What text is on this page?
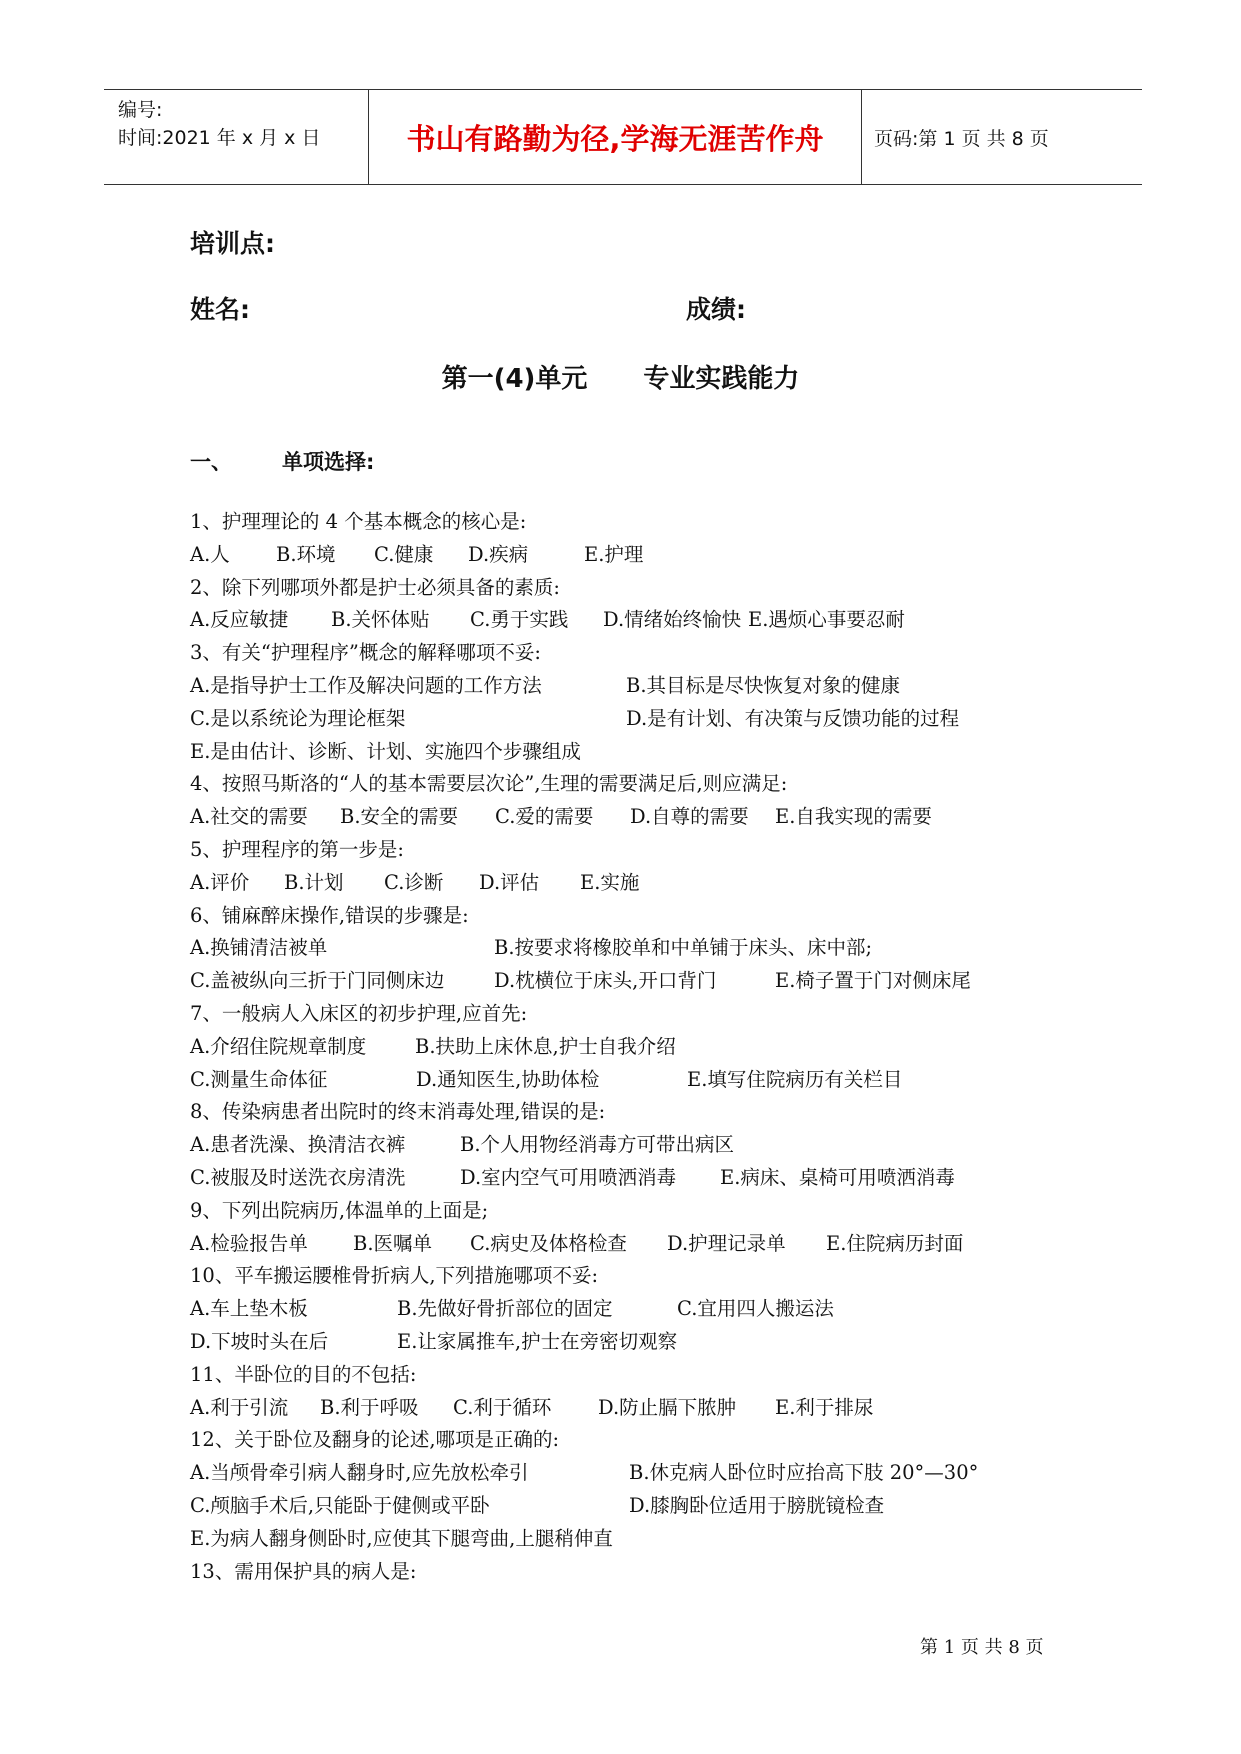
编号:
时间:2021 年 x 月 x 日	书山有路勤为径,学海无涯苦作舟	页码:第 1 页 共 8 页
培训点:
姓名:	成绩:
第一(4)单元 专业实践能力
一、 单项选择:
1、护理理论的 4 个基本概念的核心是:
A.人 B.环境 C.健康 D.疾病	E.护理
2、除下列哪项外都是护士必须具备的素质:
A.反应敏捷 B.关怀体贴 C.勇于实践 D.情绪始终愉快 E.遇烦心事要忍耐
3、有关“护理程序”概念的解释哪项不妥:
A.是指导护士工作及解决问题的工作方法	B.其目标是尽快恢复对象的健康
C.是以系统论为理论框架	D.是有计划、有决策与反馈功能的过程
E.是由估计、诊断、计划、实施四个步骤组成
4、按照马斯洛的“人的基本需要层次论”,生理的需要满足后,则应满足:
A.社交的需要 B.安全的需要 C.爱的需要 D.自尊的需要 E.自我实现的需要
5、护理程序的第一步是:
A.评价 B.计划 C.诊断 D.评估 E.实施
6、铺麻醉床操作,错误的步骤是:
A.换铺清洁被单	B.按要求将橡胶单和中单铺于床头、床中部;
C.盖被纵向三折于门同侧床边	D.枕横位于床头,开口背门	E.椅子置于门对侧床尾
7、一般病人入床区的初步护理,应首先:
A.介绍住院规章制度 B.扶助上床休息,护士自我介绍
C.测量生命体征	D.通知医生,协助体检	E.填写住院病历有关栏目
8、传染病患者出院时的终末消毒处理,错误的是:
A.患者洗澡、换清洁衣裤	B.个人用物经消毒方可带出病区
C.被服及时送洗衣房清洗	D.室内空气可用喷洒消毒 E.病床、桌椅可用喷洒消毒
9、下列出院病历,体温单的上面是;
A.检验报告单 B.医嘱单 C.病史及体格检查 D.护理记录单 E.住院病历封面
10、平车搬运腰椎骨折病人,下列措施哪项不妥:
A.车上垫木板	B.先做好骨折部位的固定	C.宜用四人搬运法
D.下坡时头在后	E.让家属推车,护士在旁密切观察
11、半卧位的目的不包括:
A.利于引流 B.利于呼吸 C.利于循环 D.防止膈下脓肿 E.利于排尿
12、关于卧位及翻身的论述,哪项是正确的:
A.当颅骨牵引病人翻身时,应先放松牵引	B.休克病人卧位时应抬高下肢 20°—30°
C.颅脑手术后,只能卧于健侧或平卧	D.膝胸卧位适用于膀胱镜检查
E.为病人翻身侧卧时,应使其下腿弯曲,上腿稍伸直
13、需用保护具的病人是:
第 1 页 共 8 页
